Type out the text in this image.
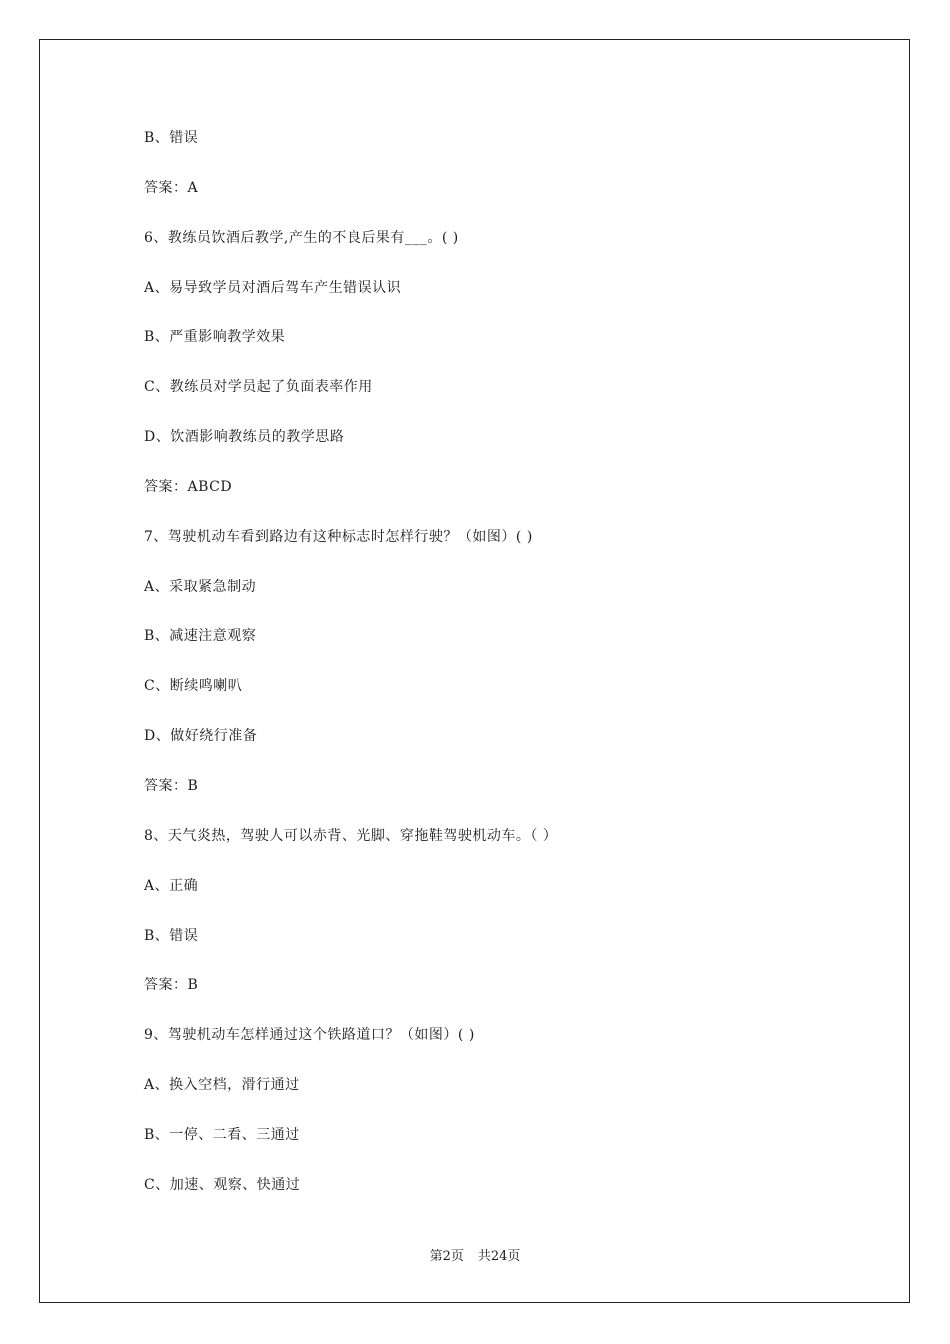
B、错误
答案：A
6、教练员饮酒后教学,产生的不良后果有___。( )
A、易导致学员对酒后驾车产生错误认识
B、严重影响教学效果
C、教练员对学员起了负面表率作用
D、饮酒影响教练员的教学思路
答案：ABCD
7、驾驶机动车看到路边有这种标志时怎样行驶？（如图）( )
A、采取紧急制动
B、减速注意观察
C、断续鸣喇叭
D、做好绕行准备
答案：B
8、天气炎热，驾驶人可以赤背、光脚、穿拖鞋驾驶机动车。（ ）
A、正确
B、错误
答案：B
9、驾驶机动车怎样通过这个铁路道口？（如图）( )
A、换入空档，滑行通过
B、一停、二看、三通过
C、加速、观察、快通过
第2页 共24页
